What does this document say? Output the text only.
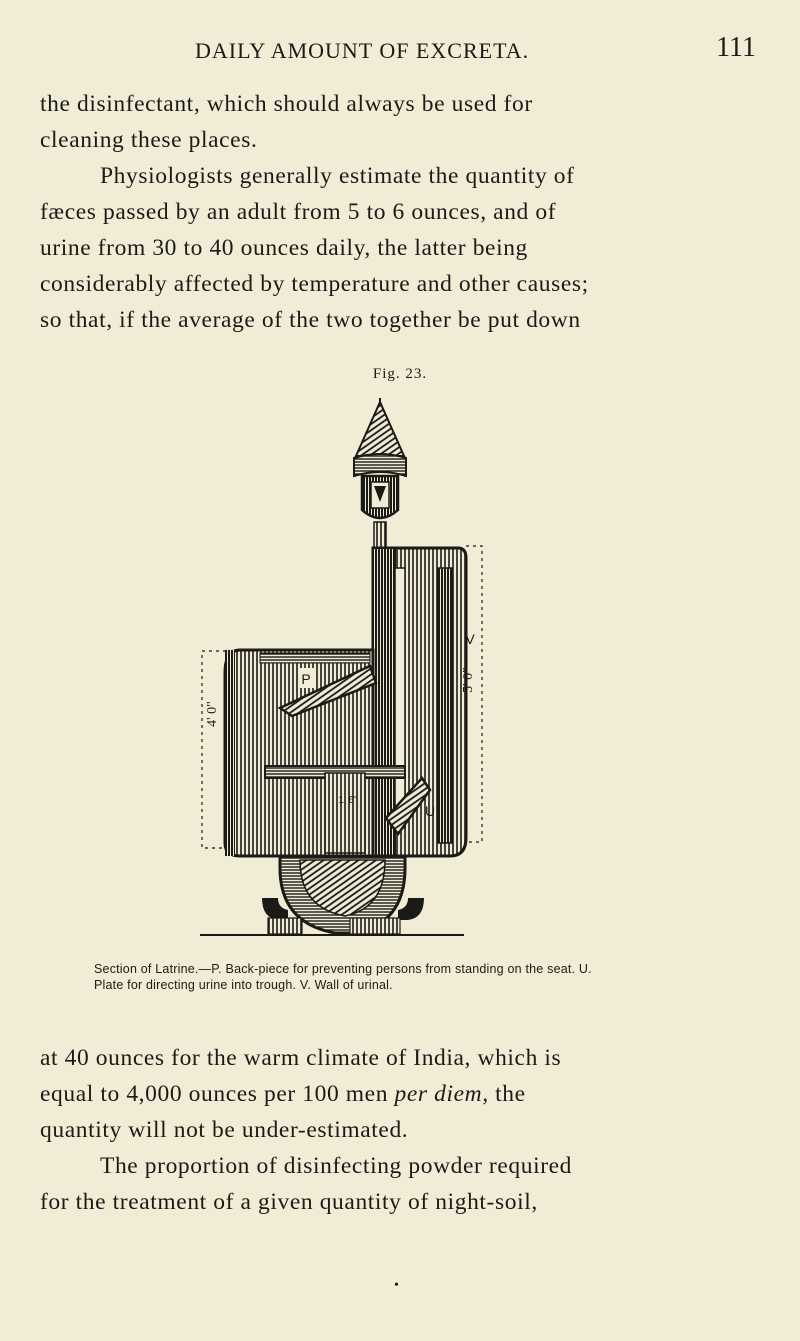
DAILY AMOUNT OF EXCRETA.	111

the disinfectant, which should always be used for
cleaning these places.

Physiologists generally estimate the quantity of
fæces passed by an adult from 5 to 6 ounces, and of
urine from 30 to 40 ounces daily, the latter being
considerably affected by temperature and other causes;
so that, if the average of the two together be put down

Fig. 23.
P
U
1' 6"
4' 0"
5' 0"
V
Section of Latrine.—P. Back-piece for preventing persons from standing on the seat. U.
Plate for directing urine into trough. V. Wall of urinal.

at 40 ounces for the warm climate of India, which is
equal to 4,000 ounces per 100 men per diem, the
quantity will not be under-estimated.

The proportion of disinfecting powder required
for the treatment of a given quantity of night-soil,

•
